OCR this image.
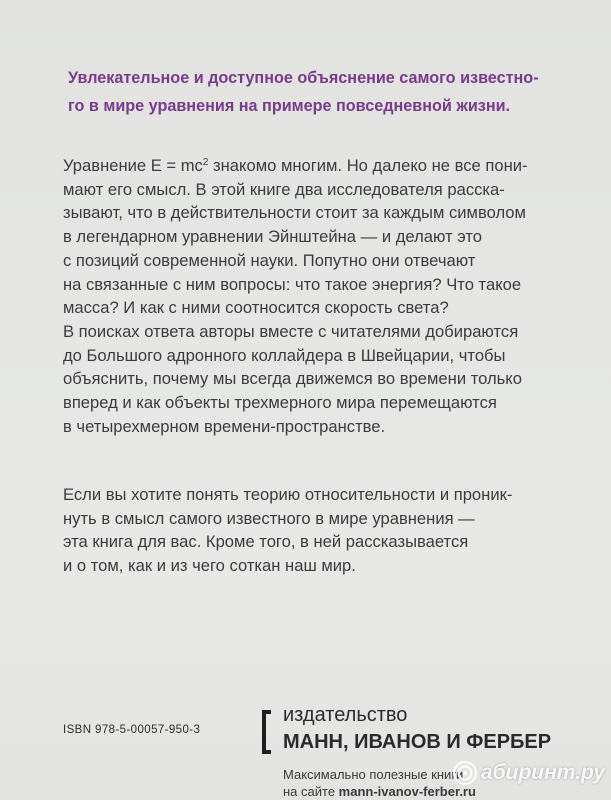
Увлекательное и доступное объяснение самого известно-
го в мире уравнения на примере повседневной жизни.
Уравнение $E = mc^2$ знакомо многим. Но далеко не все пони-
мают его смысл. В этой книге два исследователя расска-
зывают, что в действительности стоит за каждым символом
в легендарном уравнении Эйнштейна — и делают это
с позиций современной науки. Попутно они отвечают
на связанные с ним вопросы: что такое энергия? Что такое
масса? И как с ними соотносится скорость света?
В поисках ответа авторы вместе с читателями добираются
до Большого адронного коллайдера в Швейцарии, чтобы
объяснить, почему мы всегда движемся во времени только
вперед и как объекты трехмерного мира перемещаются
в четырехмерном времени-пространстве.
Если вы хотите понять теорию относительности и проник-
нуть в смысл самого известного в мире уравнения —
эта книга для вас. Кроме того, в ней рассказывается
и о том, как и из чего соткан наш мир.
ISBN 978-5-00057-950-3
издательство
МАНН, ИВАНОВ И ФЕРБЕР
Максимально полезные книги
на сайте mann-ivanov-ferber.ru
абиринт.ру
